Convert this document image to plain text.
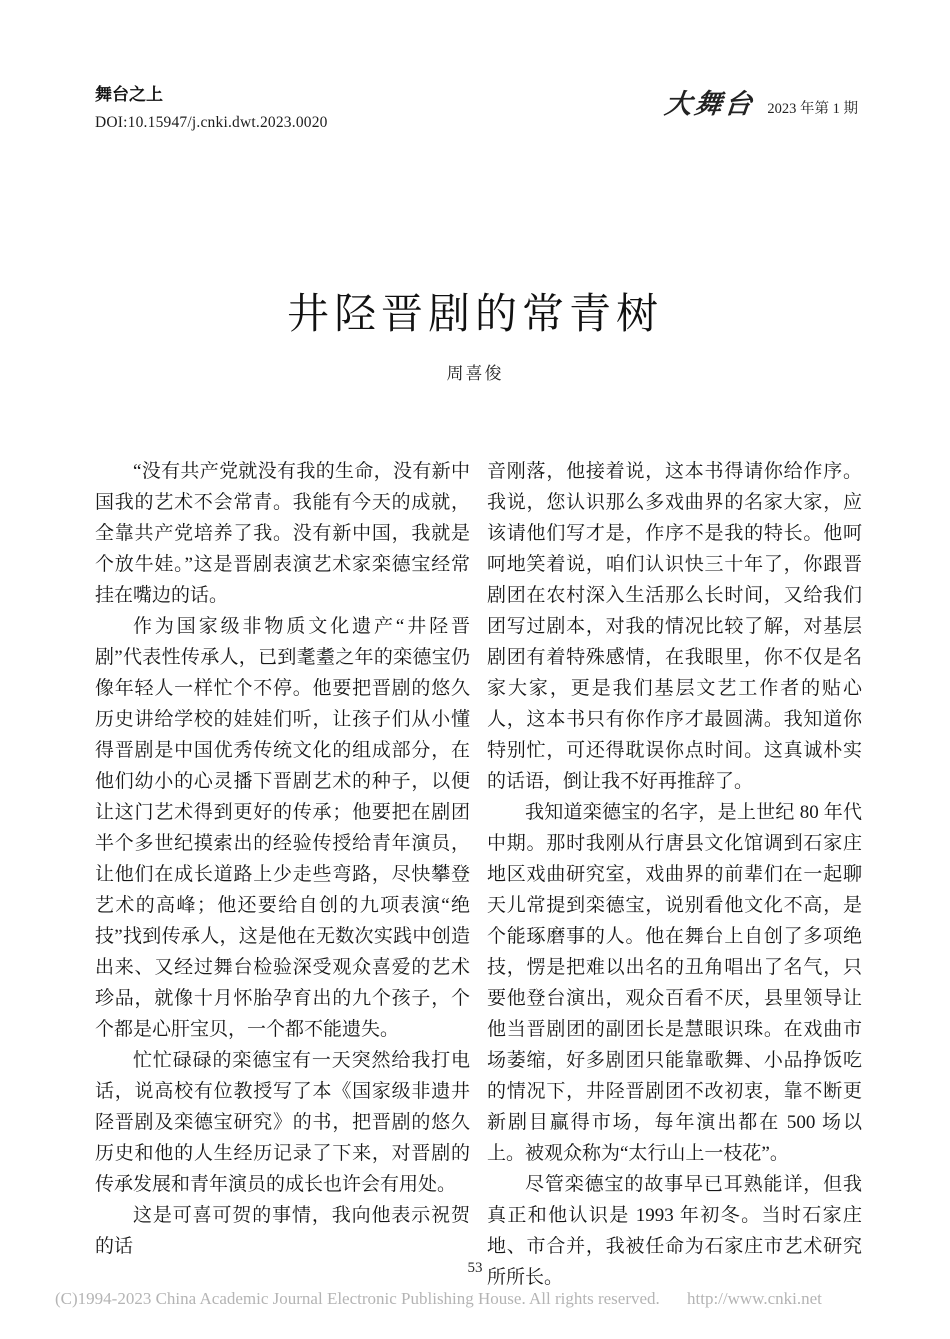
舞台之上
DOI:10.15947/j.cnki.dwt.2023.0020
大舞台 2023 年第 1 期
井陉晋剧的常青树
周喜俊

“没有共产党就没有我的生命，没有新中国我的艺术不会常青。我能有今天的成就，全靠共产党培养了我。没有新中国，我就是个放牛娃。”这是晋剧表演艺术家栾德宝经常挂在嘴边的话。

作为国家级非物质文化遗产“井陉晋剧”代表性传承人，已到耄耋之年的栾德宝仍像年轻人一样忙个不停。他要把晋剧的悠久历史讲给学校的娃娃们听，让孩子们从小懂得晋剧是中国优秀传统文化的组成部分，在他们幼小的心灵播下晋剧艺术的种子，以便让这门艺术得到更好的传承；他要把在剧团半个多世纪摸索出的经验传授给青年演员，让他们在成长道路上少走些弯路，尽快攀登艺术的高峰；他还要给自创的九项表演“绝技”找到传承人，这是他在无数次实践中创造出来、又经过舞台检验深受观众喜爱的艺术珍品，就像十月怀胎孕育出的九个孩子，个个都是心肝宝贝，一个都不能遗失。

忙忙碌碌的栾德宝有一天突然给我打电话，说高校有位教授写了本《国家级非遗井陉晋剧及栾德宝研究》的书，把晋剧的悠久历史和他的人生经历记录了下来，对晋剧的传承发展和青年演员的成长也许会有用处。

这是可喜可贺的事情，我向他表示祝贺的话

音刚落，他接着说，这本书得请你给作序。我说，您认识那么多戏曲界的名家大家，应该请他们写才是，作序不是我的特长。他呵呵地笑着说，咱们认识快三十年了，你跟晋剧团在农村深入生活那么长时间，又给我们团写过剧本，对我的情况比较了解，对基层剧团有着特殊感情，在我眼里，你不仅是名家大家，更是我们基层文艺工作者的贴心人，这本书只有你作序才最圆满。我知道你特别忙，可还得耽误你点时间。这真诚朴实的话语，倒让我不好再推辞了。

我知道栾德宝的名字，是上世纪 80 年代中期。那时我刚从行唐县文化馆调到石家庄地区戏曲研究室，戏曲界的前辈们在一起聊天儿常提到栾德宝，说别看他文化不高，是个能琢磨事的人。他在舞台上自创了多项绝技，愣是把难以出名的丑角唱出了名气，只要他登台演出，观众百看不厌，县里领导让他当晋剧团的副团长是慧眼识珠。在戏曲市场萎缩，好多剧团只能靠歌舞、小品挣饭吃的情况下，井陉晋剧团不改初衷，靠不断更新剧目赢得市场，每年演出都在 500 场以上。被观众称为“太行山上一枝花”。

尽管栾德宝的故事早已耳熟能详，但我真正和他认识是 1993 年初冬。当时石家庄地、市合并，我被任命为石家庄市艺术研究所所长。

53
(C)1994-2023 China Academic Journal Electronic Publishing House. All rights reserved. http://www.cnki.net
